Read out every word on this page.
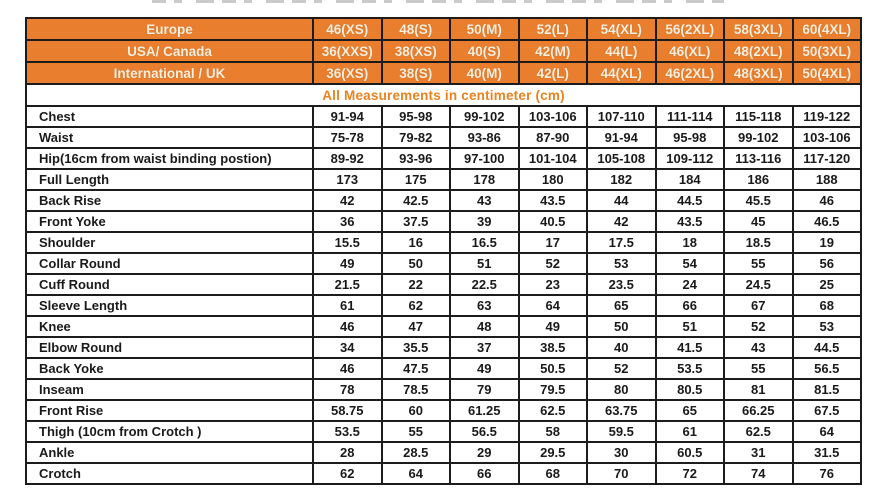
Europe	46(XS)	48(S)	50(M)	52(L)	54(XL)	56(2XL)	58(3XL)	60(4XL)
USA/ Canada	36(XXS)	38(XS)	40(S)	42(M)	44(L)	46(XL)	48(2XL)	50(3XL)
International / UK	36(XS)	38(S)	40(M)	42(L)	44(XL)	46(2XL)	48(3XL)	50(4XL)
All Measurements in centimeter (cm)								
Chest	91-94	95-98	99-102	103-106	107-110	111-114	115-118	119-122
Waist	75-78	79-82	93-86	87-90	91-94	95-98	99-102	103-106
Hip(16cm from waist binding postion)	89-92	93-96	97-100	101-104	105-108	109-112	113-116	117-120
Full Length	173	175	178	180	182	184	186	188
Back Rise	42	42.5	43	43.5	44	44.5	45.5	46
Front Yoke	36	37.5	39	40.5	42	43.5	45	46.5
Shoulder	15.5	16	16.5	17	17.5	18	18.5	19
Collar Round	49	50	51	52	53	54	55	56
Cuff Round	21.5	22	22.5	23	23.5	24	24.5	25
Sleeve Length	61	62	63	64	65	66	67	68
Knee	46	47	48	49	50	51	52	53
Elbow Round	34	35.5	37	38.5	40	41.5	43	44.5
Back Yoke	46	47.5	49	50.5	52	53.5	55	56.5
Inseam	78	78.5	79	79.5	80	80.5	81	81.5
Front Rise	58.75	60	61.25	62.5	63.75	65	66.25	67.5
Thigh (10cm from Crotch )	53.5	55	56.5	58	59.5	61	62.5	64
Ankle	28	28.5	29	29.5	30	60.5	31	31.5
Crotch	62	64	66	68	70	72	74	76
